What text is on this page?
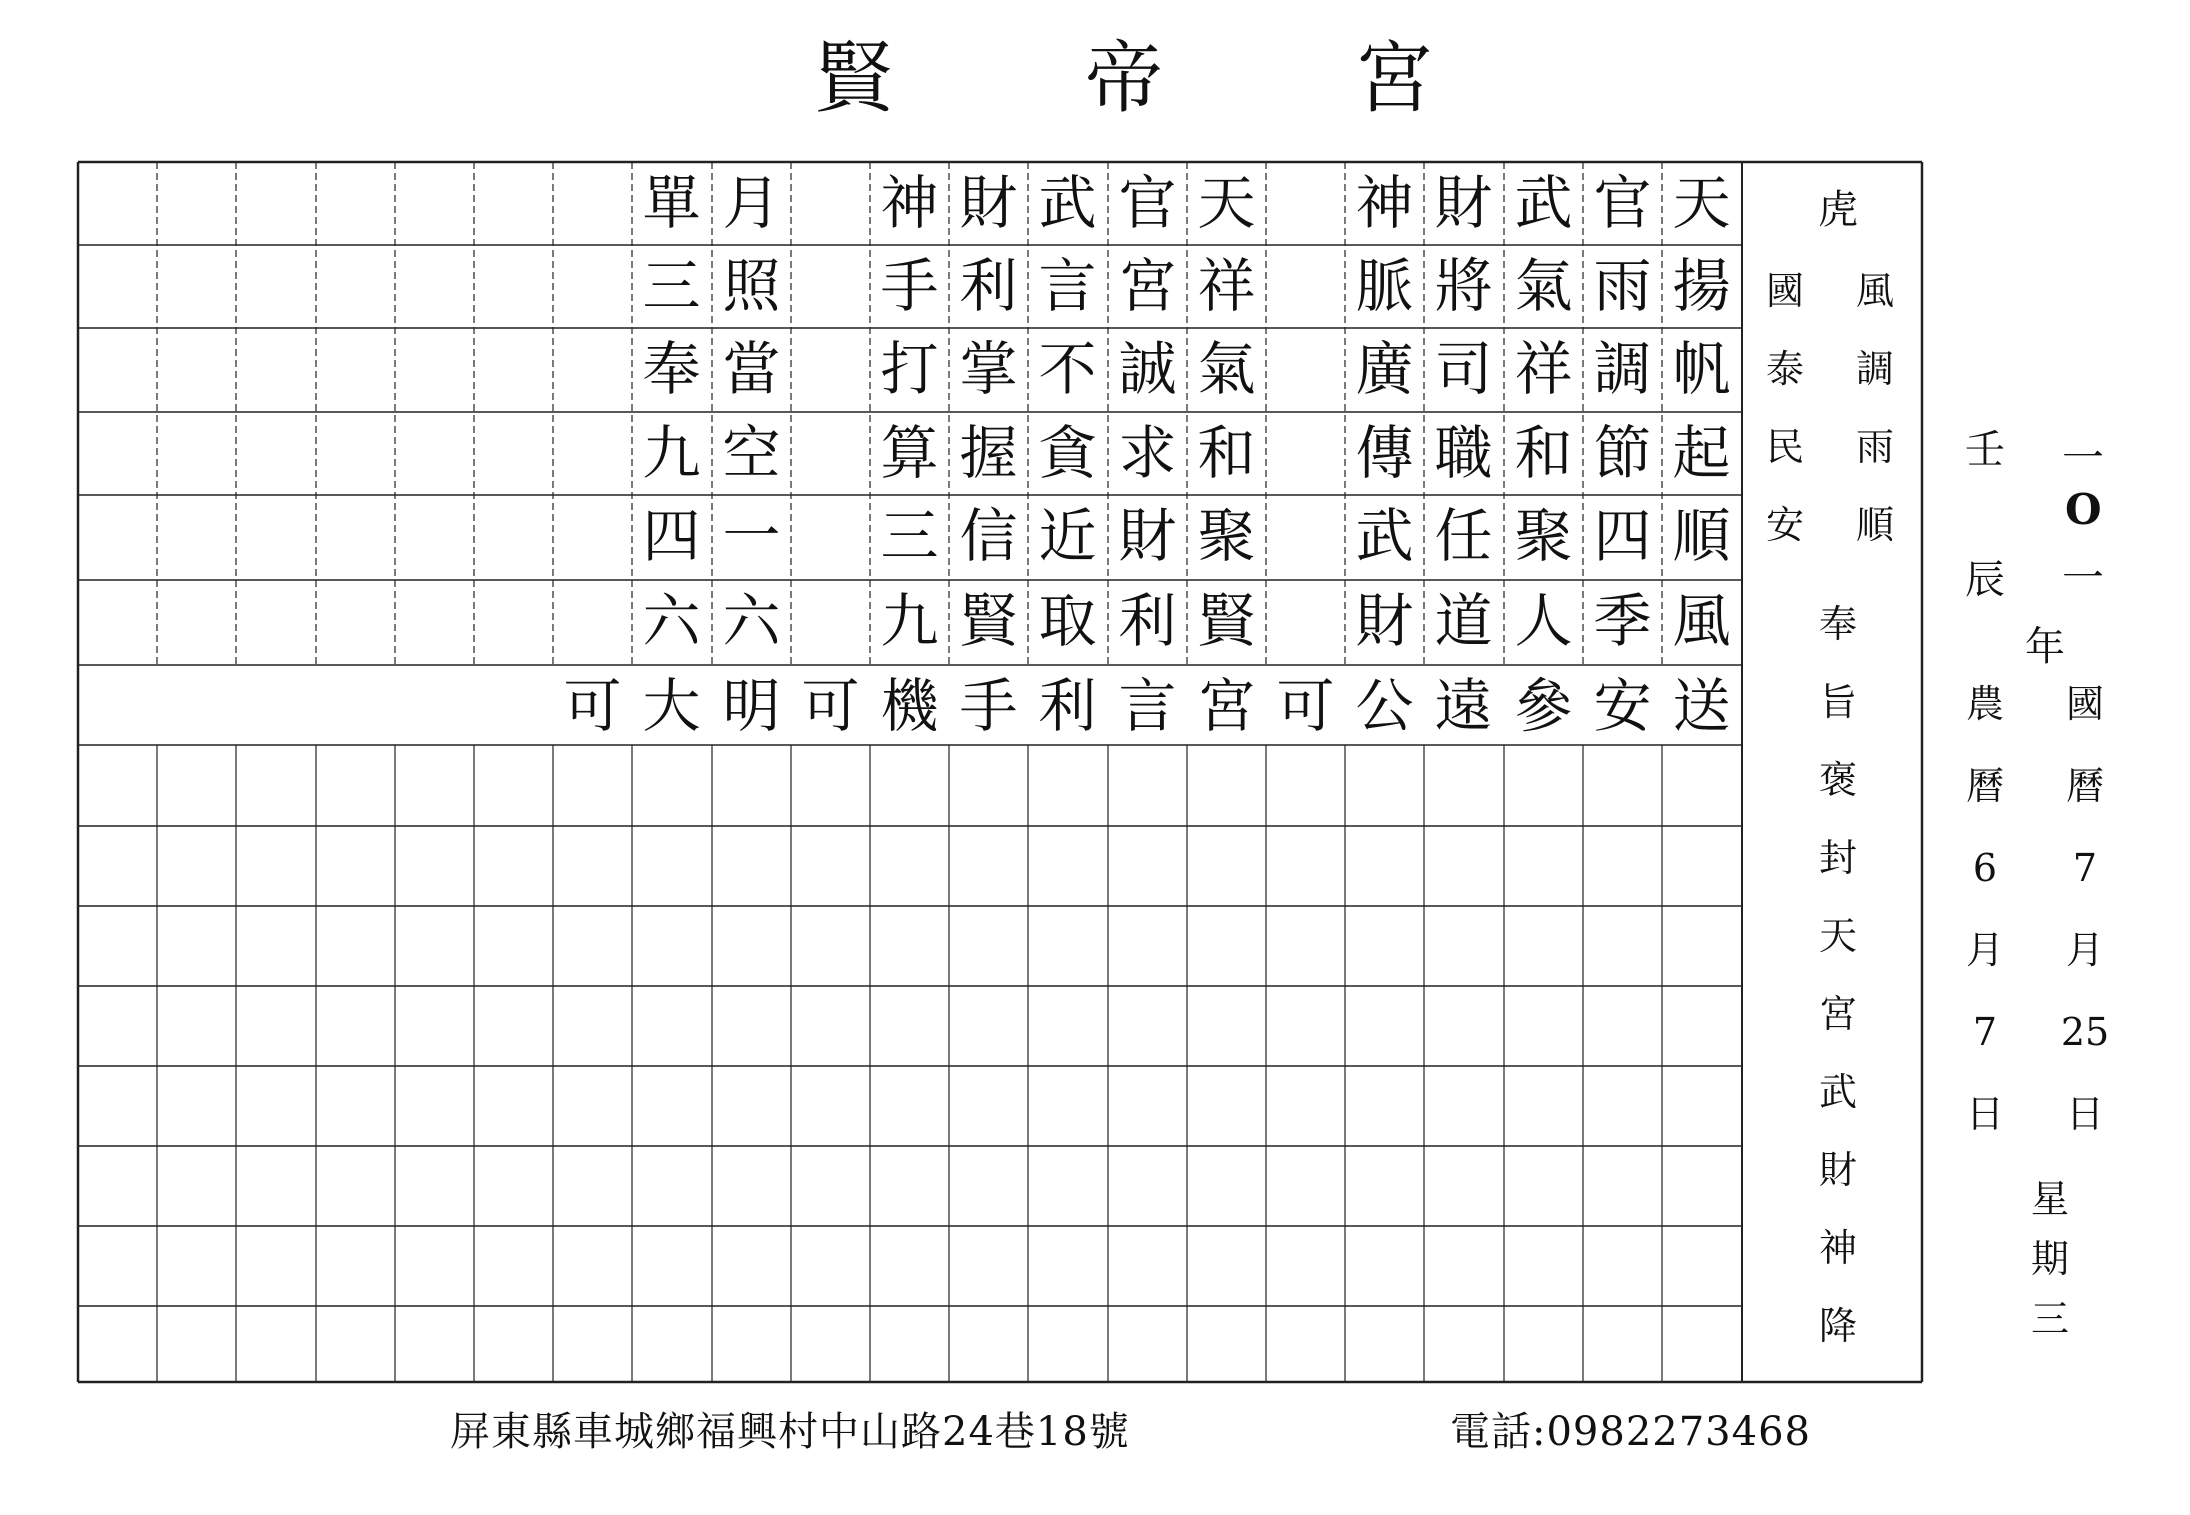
賢 帝 宮
單 月 神 財 武 官 天 神 財 武 官 天
三 照 手 利 言 宮 祥 脈 將 氣 雨 揚
奉 當 打 掌 不 誠 氣 廣 司 祥 調 帆
九 空 算 握 貪 求 和 傳 職 和 節 起
四 一 三 信 近 財 聚 武 任 聚 四 順
六 六 九 賢 取 利 賢 財 道 人 季 風
可 大 明 可 機 手 利 言 宮 可 公 遠 參 安 送
虎
國
泰
民
安
風
調
雨
順
奉
旨
褒
封
天
宮
武
財
神
降
壬
辰
農
曆
6
月
7
日
一
O
一
年
國
曆
7
月
25
日
星
期
三
屏東縣車城鄉福興村中山路24巷18號	電話:0982273468
